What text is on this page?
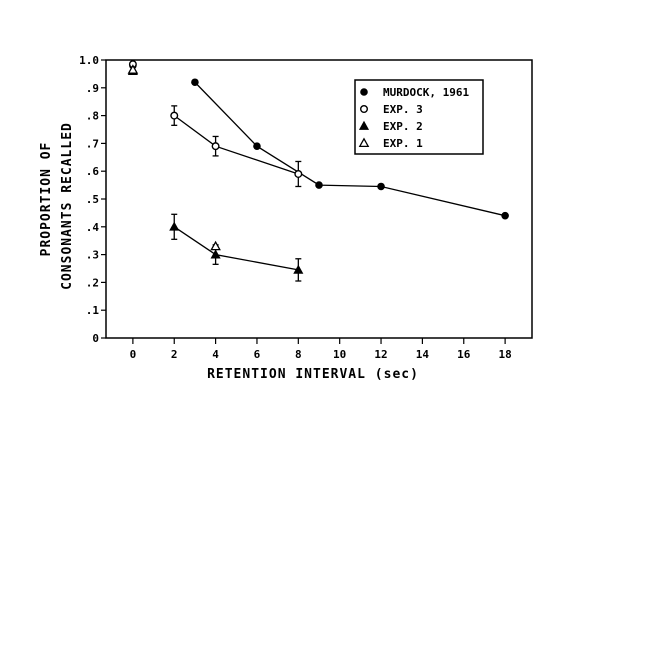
0
.1
.2
.3
.4
.5
.6
.7
.8
.9
1.0
0	2	4	6	8	10	12	14	16	18
RETENTION INTERVAL (sec)
PROPORTION OF CONSONANTS RECALLED
MURDOCK, 1961
EXP. 3
EXP. 2
EXP. 1
